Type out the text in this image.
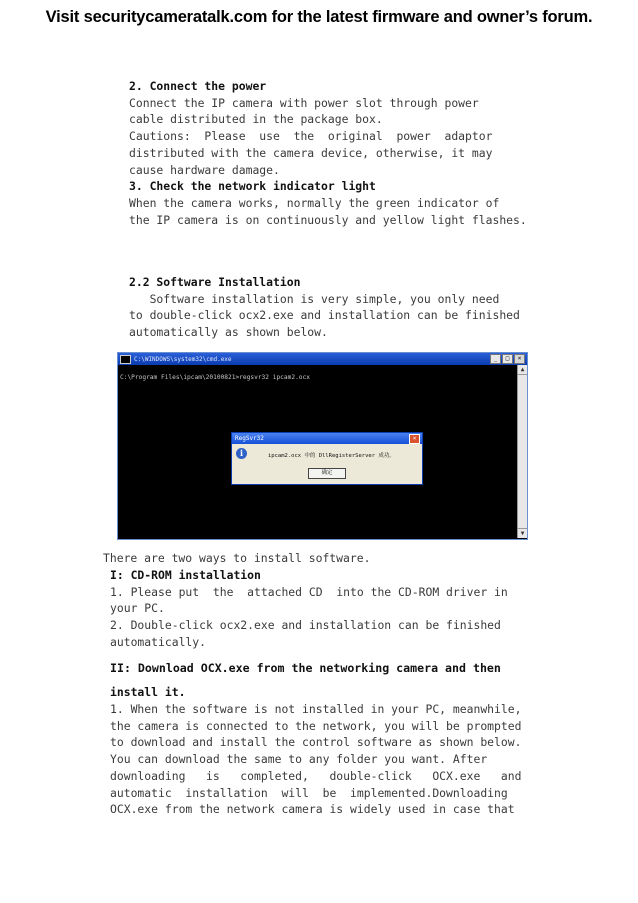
Visit securitycameratalk.com for the latest firmware and owner’s forum.
2. Connect the power
Connect the IP camera with power slot through power
cable distributed in the package box.
Cautions:  Please  use  the  original  power  adaptor
distributed with the camera device, otherwise, it may
cause hardware damage.
3. Check the network indicator light
When the camera works, normally the green indicator of
the IP camera is on continuously and yellow light flashes.
2.2 Software Installation
Software installation is very simple, you only need
to double-click ocx2.exe and installation can be finished
automatically as shown below.
C:\WINDOWS\system32\cmd.exe	_	□	×
C:\Program Files\ipcam\20100821>regsvr32 ipcam2.ocx
▲
▼
RegSvr32	×
i	ipcam2.ocx 中的 DllRegisterServer 成功。
确定
There are two ways to install software.
I: CD-ROM installation
1. Please put  the  attached CD  into the CD-ROM driver in
your PC.
2. Double-click ocx2.exe and installation can be finished
automatically.
II: Download OCX.exe from the networking camera and then
install it.
1. When the software is not installed in your PC, meanwhile,
the camera is connected to the network, you will be prompted
to download and install the control software as shown below.
You can download the same to any folder you want. After
downloading   is   completed,   double-click   OCX.exe   and
automatic  installation  will  be  implemented.Downloading
OCX.exe from the network camera is widely used in case that
